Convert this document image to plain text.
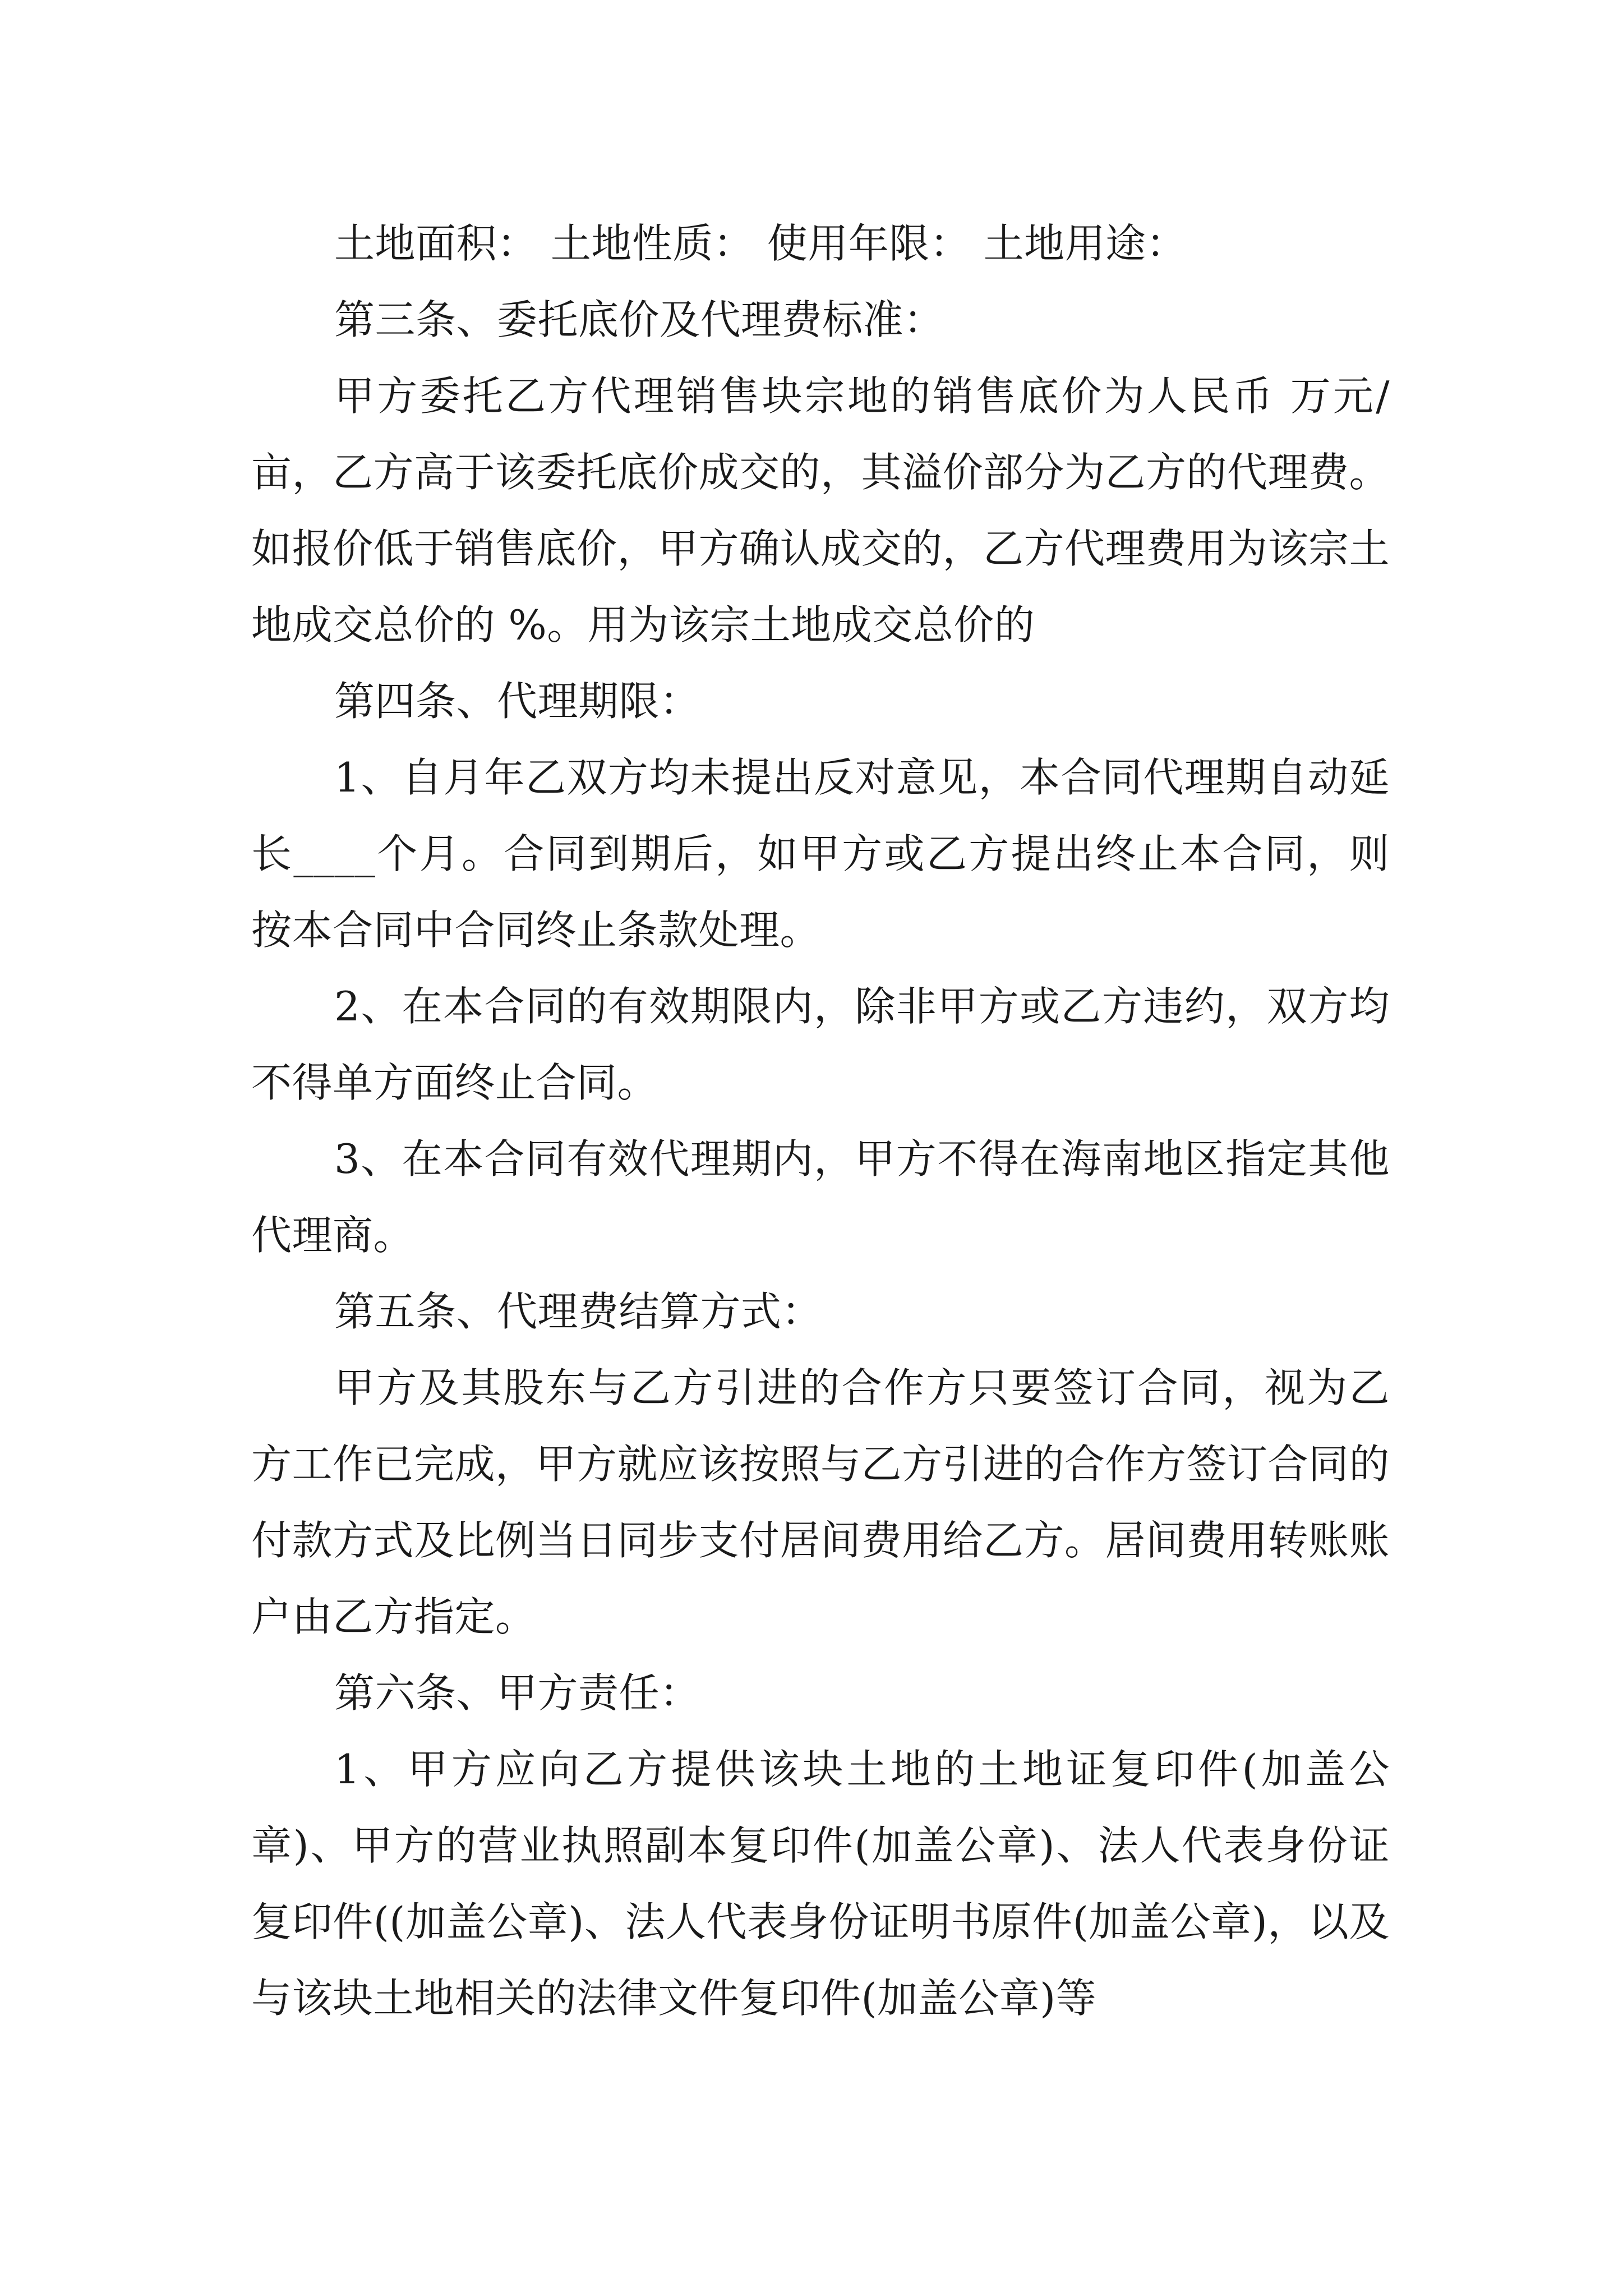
土地面积： 土地性质： 使用年限： 土地用途：

第三条、委托底价及代理费标准：

甲方委托乙方代理销售块宗地的销售底价为人民币 万元/亩，乙方高于该委托底价成交的，其溢价部分为乙方的代理费。如报价低于销售底价，甲方确认成交的，乙方代理费用为该宗土地成交总价的 %。用为该宗土地成交总价的

第四条、代理期限：

1、自月年乙双方均未提出反对意见，本合同代理期自动延长____个月。合同到期后，如甲方或乙方提出终止本合同，则按本合同中合同终止条款处理。

2、在本合同的有效期限内，除非甲方或乙方违约，双方均不得单方面终止合同。

3、在本合同有效代理期内，甲方不得在海南地区指定其他代理商。

第五条、代理费结算方式：

甲方及其股东与乙方引进的合作方只要签订合同，视为乙方工作已完成，甲方就应该按照与乙方引进的合作方签订合同的付款方式及比例当日同步支付居间费用给乙方。居间费用转账账户由乙方指定。

第六条、甲方责任：

1、甲方应向乙方提供该块土地的土地证复印件(加盖公章)、甲方的营业执照副本复印件(加盖公章)、法人代表身份证复印件((加盖公章)、法人代表身份证明书原件(加盖公章)，以及与该块土地相关的法律文件复印件(加盖公章)等
